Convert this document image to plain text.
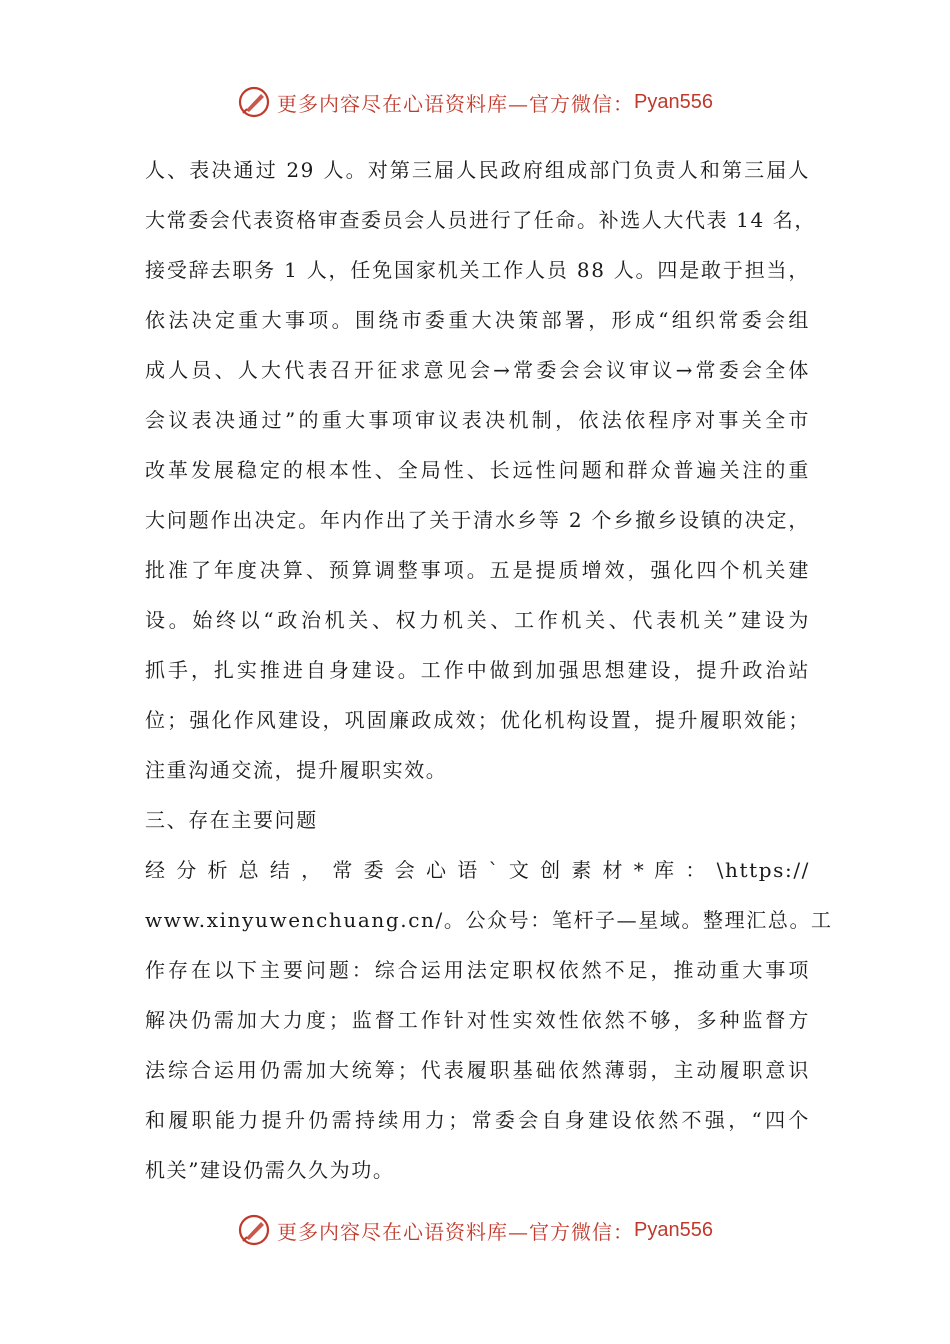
更多内容尽在心语资料库—官方微信： Pyan556
人、表决通过 29 人。对第三届人民政府组成部门负责人和第三届人
大常委会代表资格审查委员会人员进行了任命。补选人大代表 14 名，
接受辞去职务 1 人，任免国家机关工作人员 88 人。四是敢于担当，
依法决定重大事项。围绕市委重大决策部署，形成“组织常委会组
成人员、人大代表召开征求意见会→常委会会议审议→常委会全体
会议表决通过”的重大事项审议表决机制，依法依程序对事关全市
改革发展稳定的根本性、全局性、长远性问题和群众普遍关注的重
大问题作出决定。年内作出了关于清水乡等 2 个乡撤乡设镇的决定，
批准了年度决算、预算调整事项。五是提质增效，强化四个机关建
设。始终以“政治机关、权力机关、工作机关、代表机关”建设为
抓手，扎实推进自身建设。工作中做到加强思想建设，提升政治站
位；强化作风建设，巩固廉政成效；优化机构设置，提升履职效能；
注重沟通交流，提升履职实效。
三、存在主要问题
经 分 析 总 结 ， 常 委 会 心 语 ` 文 创 素 材 * 库 ： \https://
www.xinyuwenchuang.cn/。公众号：笔杆子—星域。整理汇总。工
作存在以下主要问题：综合运用法定职权依然不足，推动重大事项
解决仍需加大力度；监督工作针对性实效性依然不够，多种监督方
法综合运用仍需加大统筹；代表履职基础依然薄弱，主动履职意识
和履职能力提升仍需持续用力；常委会自身建设依然不强，“四个
机关”建设仍需久久为功。
更多内容尽在心语资料库—官方微信： Pyan556
